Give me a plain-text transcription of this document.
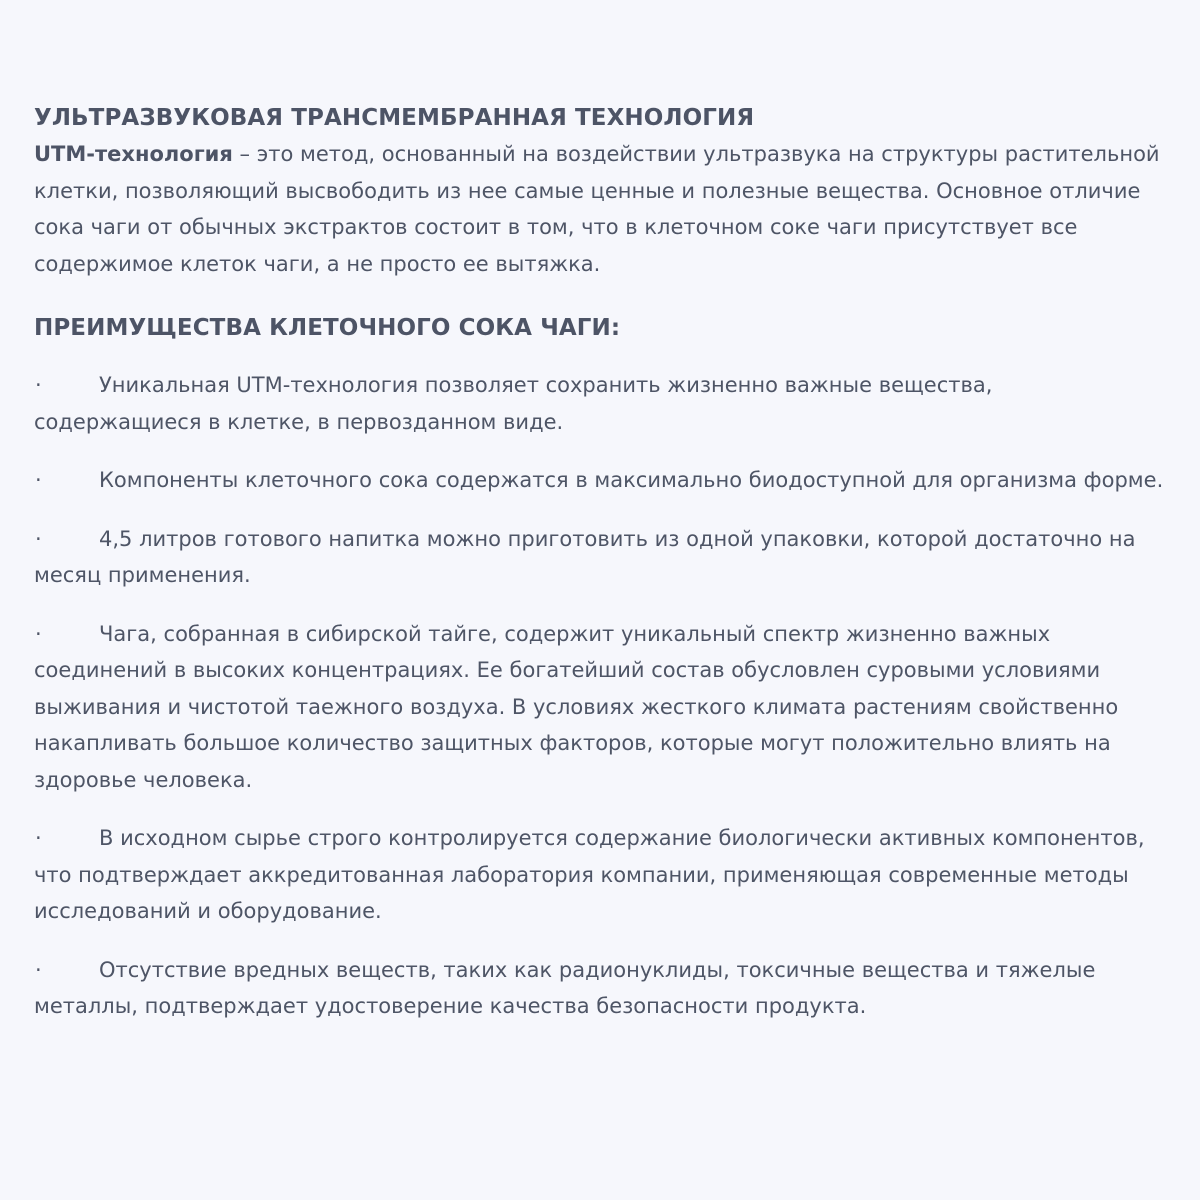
УЛЬТРАЗВУКОВАЯ ТРАНСМЕМБРАННАЯ ТЕХНОЛОГИЯ

UTM-технология – это метод, основанный на воздействии ультразвука на структуры растительной клетки, позволяющий высвободить из нее самые ценные и полезные вещества. Основное отличие сока чаги от обычных экстрактов состоит в том, что в клеточном соке чаги присутствует все содержимое клеток чаги, а не просто ее вытяжка.

ПРЕИМУЩЕСТВА КЛЕТОЧНОГО СОКА ЧАГИ:
·	Уникальная UTM-технология позволяет сохранить жизненно важные вещества, содержащиеся в клетке, в первозданном виде.
·	Компоненты клеточного сока содержатся в максимально биодоступной для организма форме.
·	4,5 литров готового напитка можно приготовить из одной упаковки, которой достаточно на месяц применения.
·	Чага, собранная в сибирской тайге, содержит уникальный спектр жизненно важных соединений в высоких концентрациях. Ее богатейший состав обусловлен суровыми условиями выживания и чистотой таежного воздуха. В условиях жесткого климата растениям свойственно накапливать большое количество защитных факторов, которые могут положительно влиять на здоровье человека.
·	В исходном сырье строго контролируется содержание биологически активных компонентов, что подтверждает аккредитованная лаборатория компании, применяющая современные методы исследований и оборудование.
·	Отсутствие вредных веществ, таких как радионуклиды, токсичные вещества и тяжелые металлы, подтверждает удостоверение качества безопасности продукта.
